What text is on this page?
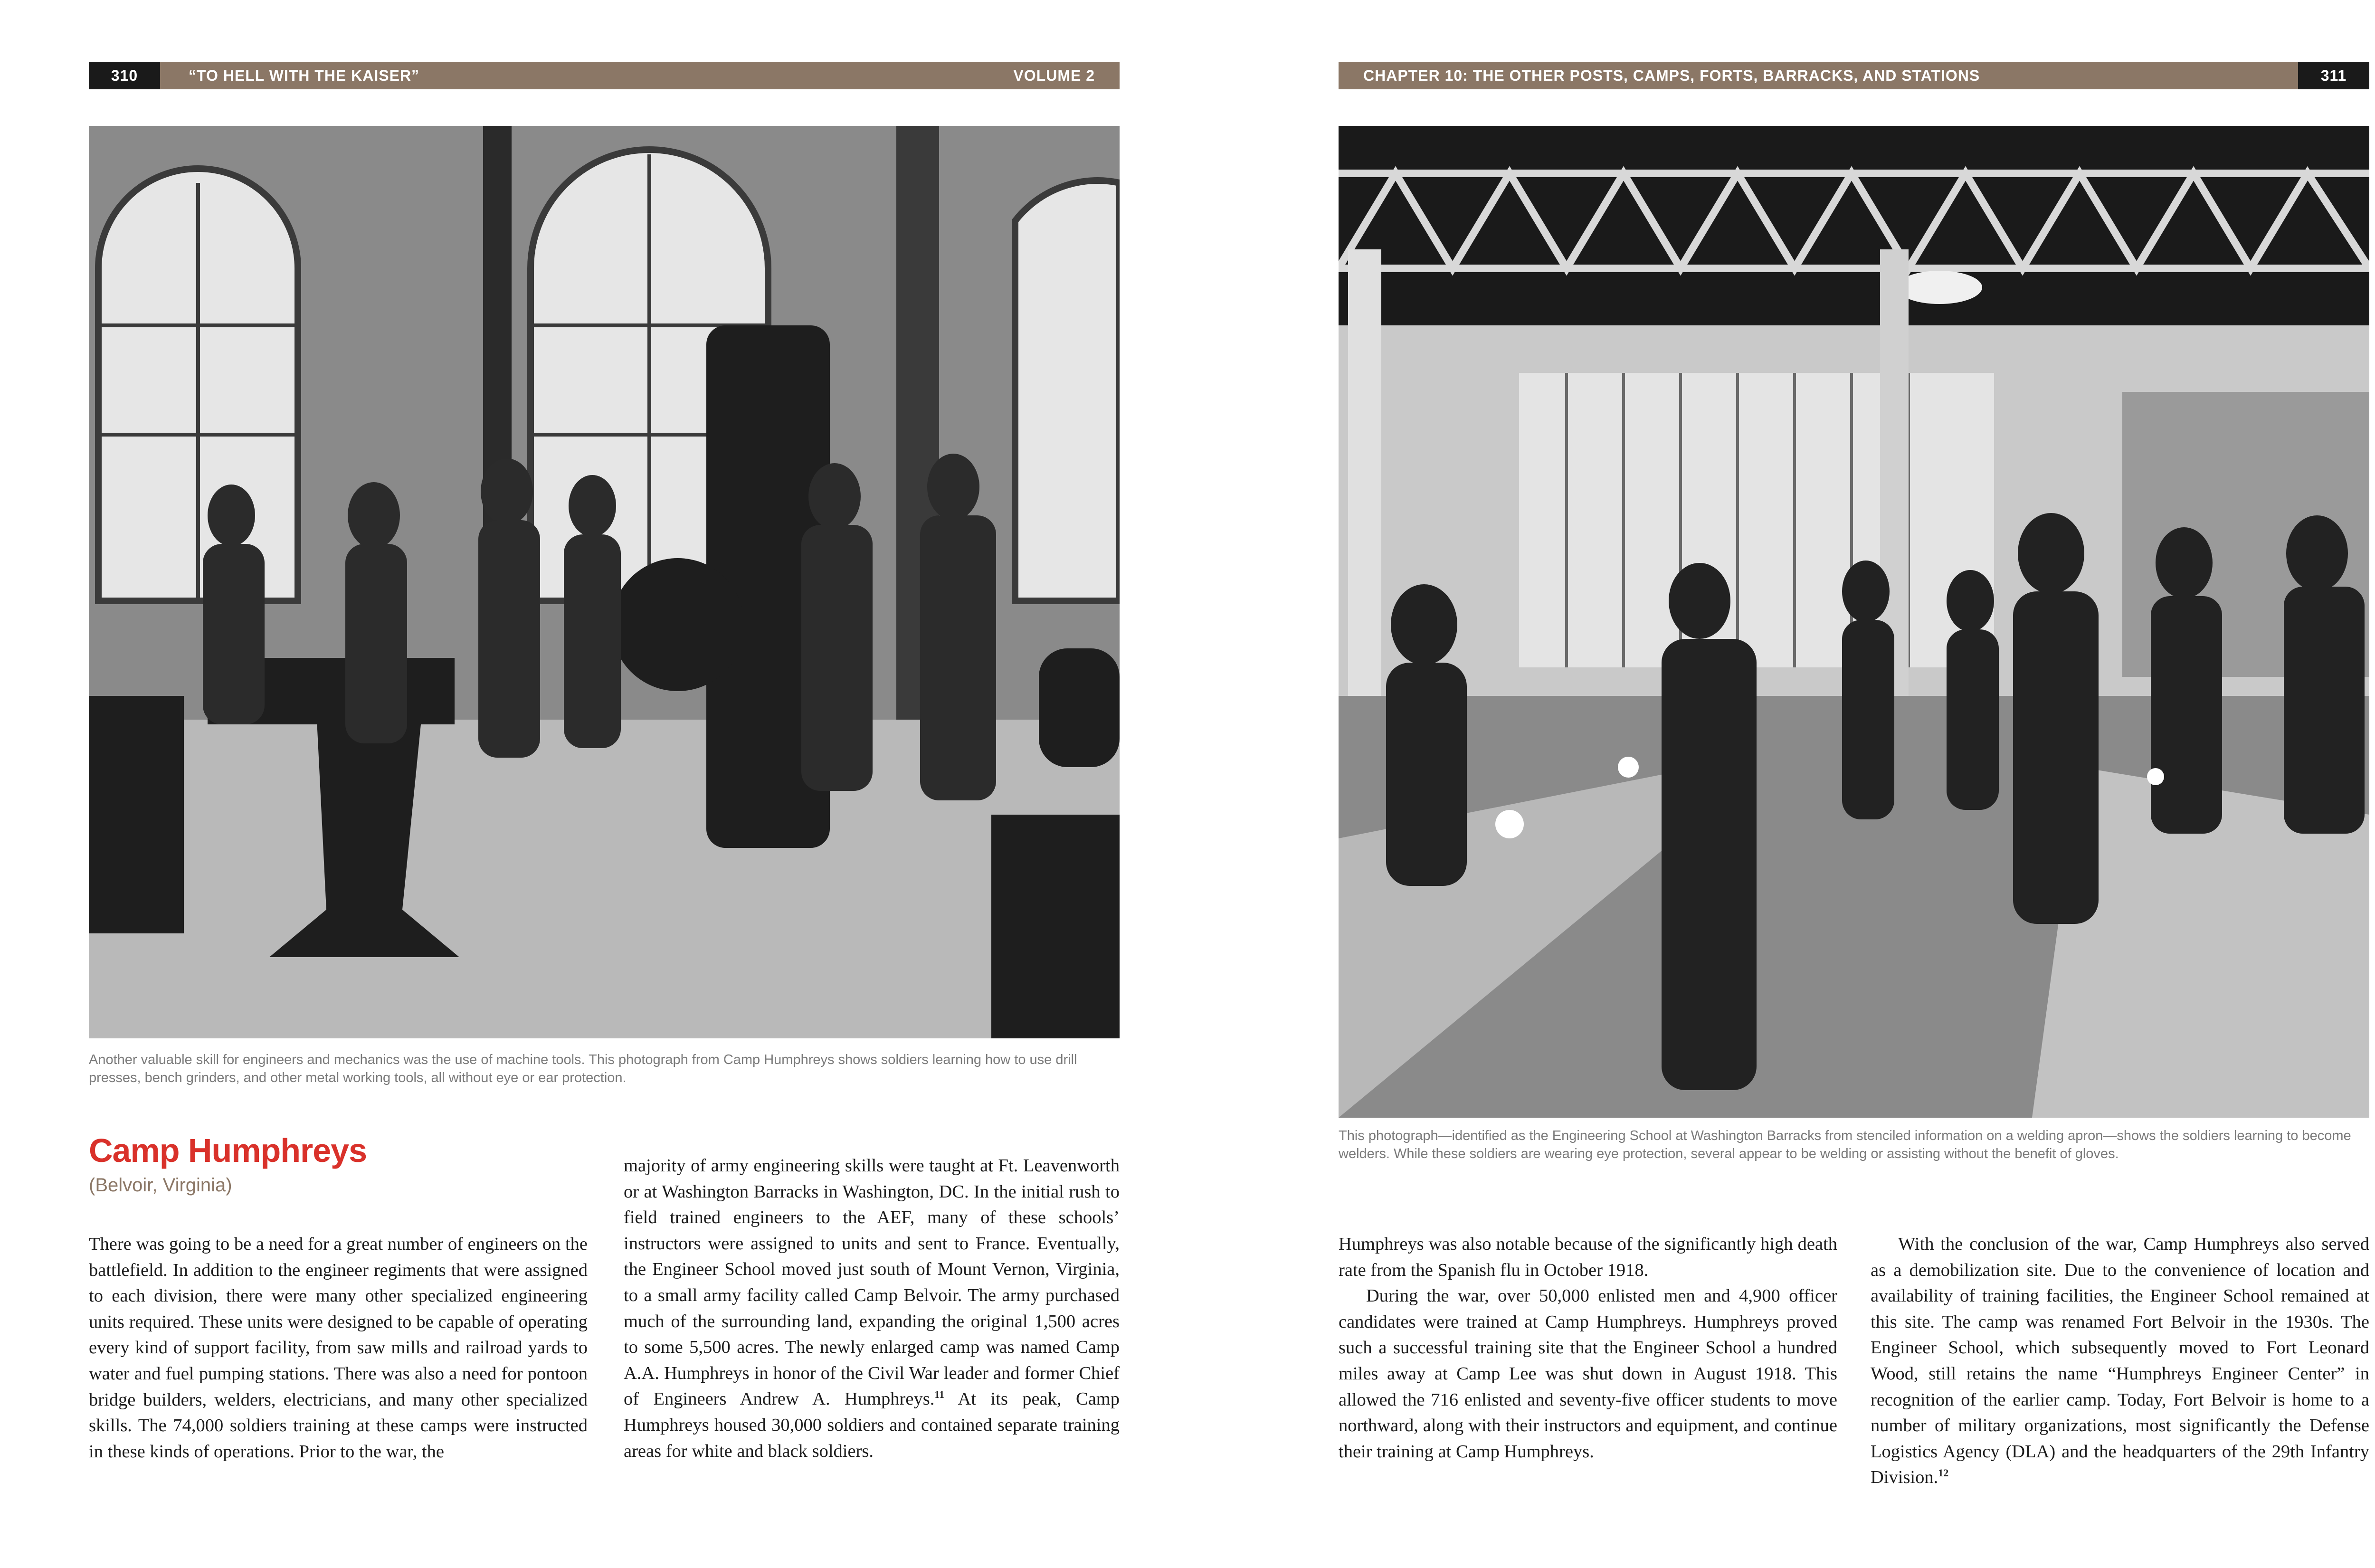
310	“TO HELL WITH THE KAISER”	VOLUME 2
Another valuable skill for engineers and mechanics was the use of machine tools. This photograph from Camp Humphreys shows soldiers learning how to use drill presses, bench grinders, and other metal working tools, all without eye or ear protection.
Camp Humphreys
(Belvoir, Virginia)

There was going to be a need for a great number of engineers on the battlefield. In addition to the engineer regiments that were assigned to each division, there were many other specialized engineering units required. These units were designed to be capable of operating every kind of support facility, from saw mills and railroad yards to water and fuel pumping stations. There was also a need for pontoon bridge builders, welders, electricians, and many other specialized skills. The 74,000 soldiers training at these camps were instructed in these kinds of operations. Prior to the war, the

majority of army engineering skills were taught at Ft. Leavenworth or at Washington Barracks in Washington, DC. In the initial rush to field trained engineers to the AEF, many of these schools’ instructors were assigned to units and sent to France. Eventually, the Engineer School moved just south of Mount Vernon, Virginia, to a small army facility called Camp Belvoir. The army purchased much of the surrounding land, expanding the original 1,500 acres to some 5,500 acres. The newly enlarged camp was named Camp A.A. Humphreys in honor of the Civil War leader and former Chief of Engineers Andrew A. Humphreys.$^{11}$ At its peak, Camp Humphreys housed 30,000 soldiers and contained separate training areas for white and black soldiers.

CHAPTER 10: THE OTHER POSTS, CAMPS, FORTS, BARRACKS, AND STATIONS	311
This photograph—identified as the Engineering School at Washington Barracks from stenciled information on a welding apron—shows the soldiers learning to become welders. While these soldiers are wearing eye protection, several appear to be welding or assisting without the benefit of gloves.

Humphreys was also notable because of the significantly high death rate from the Spanish flu in October 1918.

During the war, over 50,000 enlisted men and 4,900 officer candidates were trained at Camp Humphreys. Humphreys proved such a successful training site that the Engineer School a hundred miles away at Camp Lee was shut down in August 1918. This allowed the 716 enlisted and seventy-five officer students to move northward, along with their instructors and equipment, and continue their training at Camp Humphreys.

With the conclusion of the war, Camp Humphreys also served as a demobilization site. Due to the convenience of location and availability of training facilities, the Engineer School remained at this site. The camp was renamed Fort Belvoir in the 1930s. The Engineer School, which subsequently moved to Fort Leonard Wood, still retains the name “Humphreys Engineer Center” in recognition of the earlier camp. Today, Fort Belvoir is home to a number of military organizations, most significantly the Defense Logistics Agency (DLA) and the headquarters of the 29th Infantry Division.$^{12}$
